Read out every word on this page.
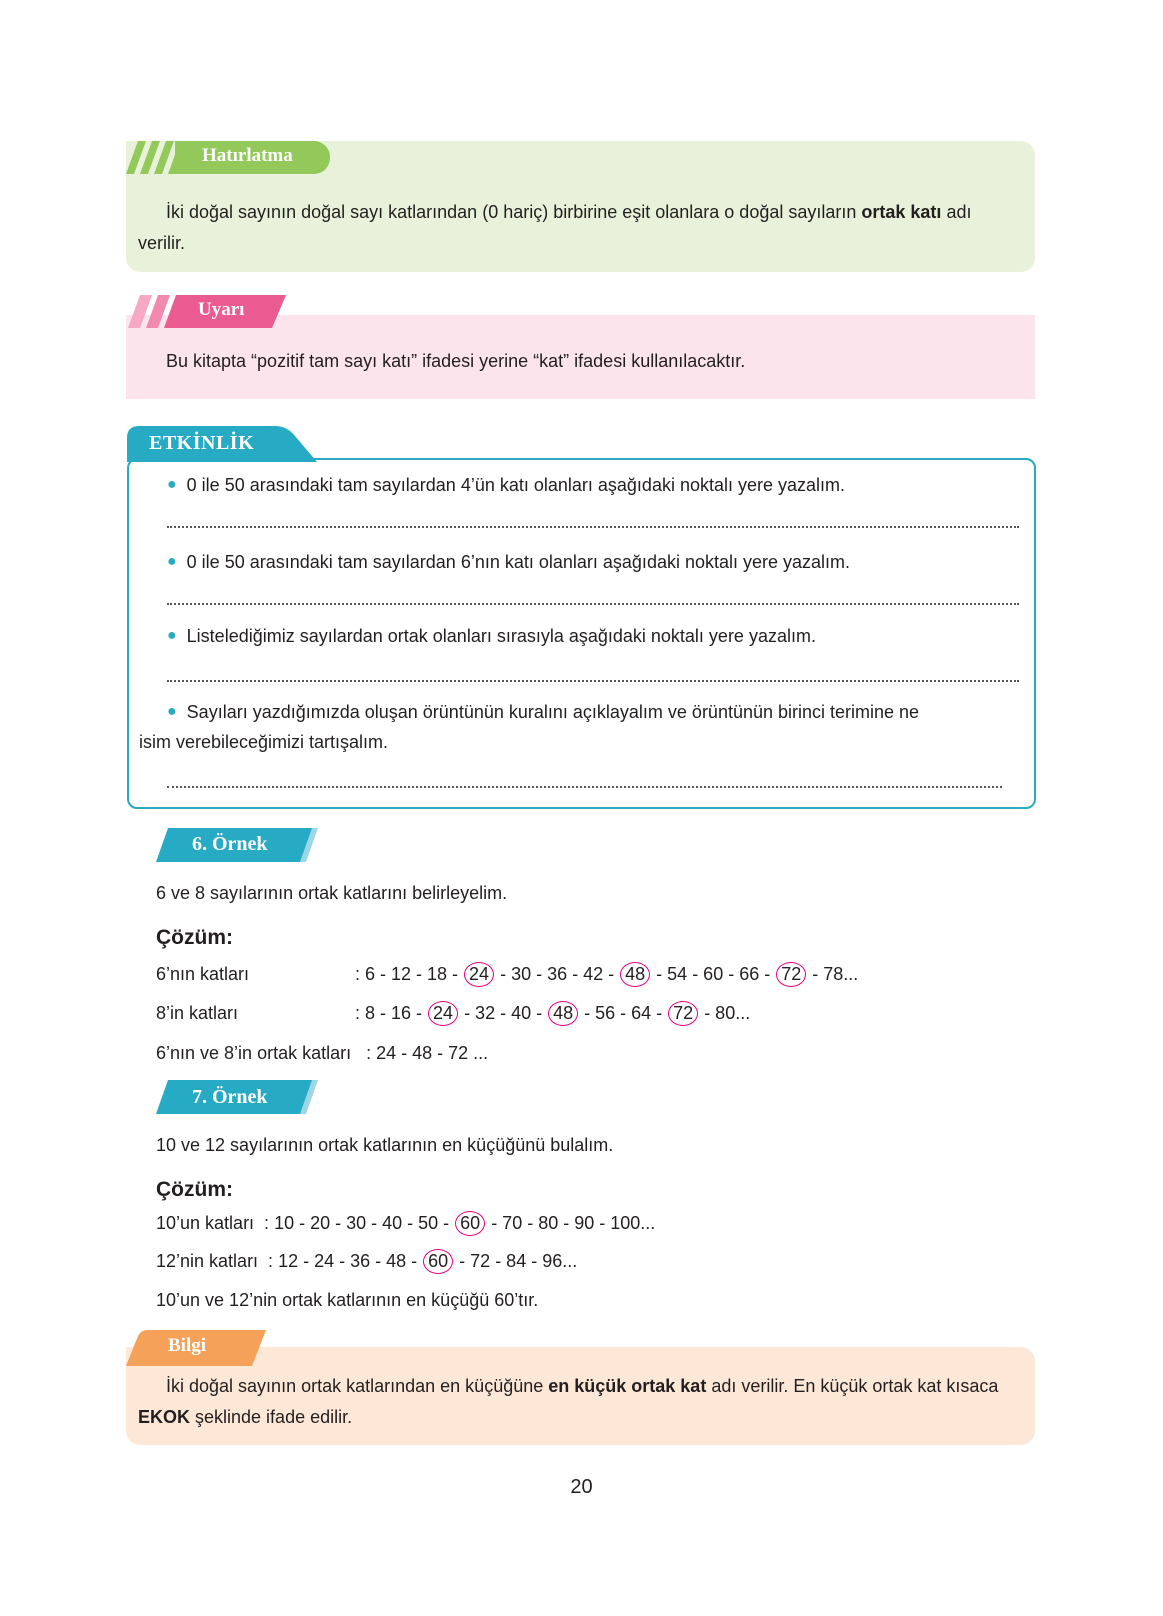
Hatırlatma
İki doğal sayının doğal sayı katlarından (0 hariç) birbirine eşit olanlara o doğal sayıların ortak katı adı verilir.
Uyarı
Bu kitapta “pozitif tam sayı katı” ifadesi yerine “kat” ifadesi kullanılacaktır.
ETKİNLİK
● 0 ile 50 arasındaki tam sayılardan 4’ün katı olanları aşağıdaki noktalı yere yazalım.
● 0 ile 50 arasındaki tam sayılardan 6’nın katı olanları aşağıdaki noktalı yere yazalım.
● Listelediğimiz sayılardan ortak olanları sırasıyla aşağıdaki noktalı yere yazalım.
● Sayıları yazdığımızda oluşan örüntünün kuralını açıklayalım ve örüntünün birinci terimine ne
isim verebileceğimizi tartışalım.
6. Örnek
6 ve 8 sayılarının ortak katlarını belirleyelim.
Çözüm:
6’nın katları	: 6 - 12 - 18 - 24 - 30 - 36 - 42 - 48 - 54 - 60 - 66 - 72 - 78...
8’in katları	: 8 - 16 - 24 - 32 - 40 - 48 - 56 - 64 - 72 - 80...
6’nın ve 8’in ortak katları   : 24 - 48 - 72 ...
7. Örnek
10 ve 12 sayılarının ortak katlarının en küçüğünü bulalım.
Çözüm:
10’un katları  : 10 - 20 - 30 - 40 - 50 - 60 - 70 - 80 - 90 - 100...
12’nin katları  : 12 - 24 - 36 - 48 - 60 - 72 - 84 - 96...
10’un ve 12’nin ortak katlarının en küçüğü 60’tır.
Bilgi
İki doğal sayının ortak katlarından en küçüğüne en küçük ortak kat adı verilir. En küçük ortak kat kısaca EKOK şeklinde ifade edilir.
20
